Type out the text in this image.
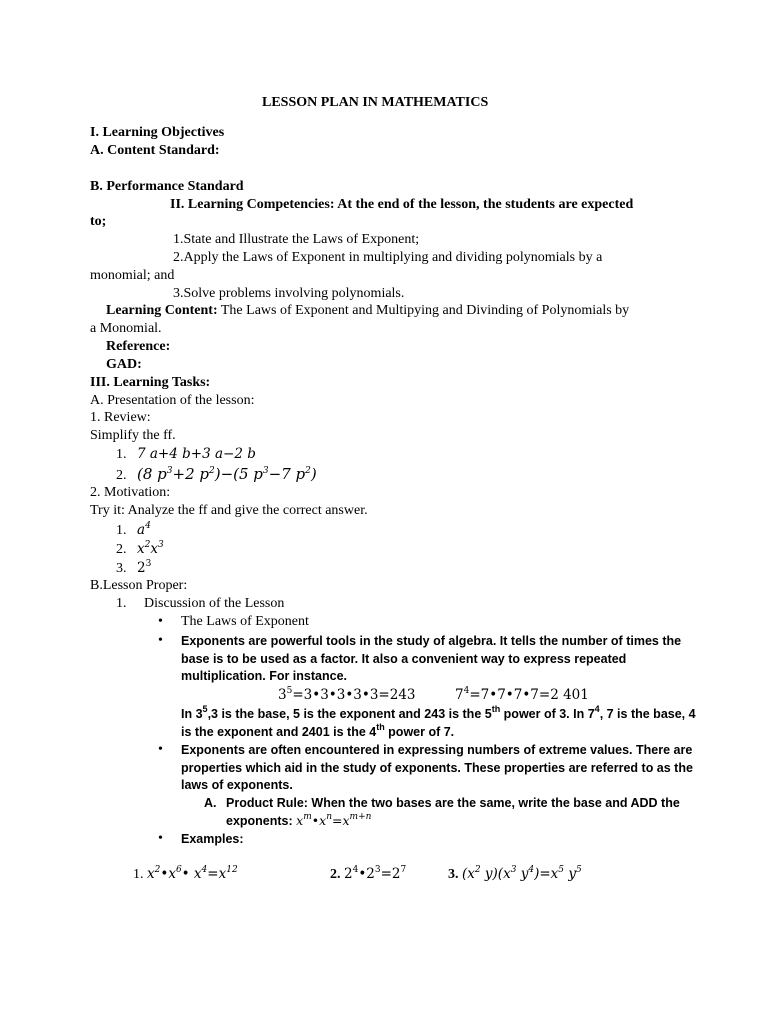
LESSON PLAN IN MATHEMATICS
I. Learning Objectives
A. Content Standard:
B. Performance Standard
II. Learning Competencies: At the end of the lesson, the students are expected
to;
1.State and Illustrate the Laws of Exponent;
2.Apply the Laws of Exponent in multiplying and dividing polynomials by a
monomial; and
3.Solve problems involving polynomials.
Learning Content: The Laws of Exponent and Multipying and Divinding of Polynomials by
a Monomial.
Reference:
GAD:
III. Learning Tasks:
A. Presentation of the lesson:
1. Review:
Simplify the ff.
1.   7 a+4 b+3 a−2 b
2.   (8 $p^3+2$ $p^2)-(5$ $p^3-7$ $p^2$)
2. Motivation:
Try it: Analyze the ff and give the correct answer.
1.   $a^4$
2.   $x^2x^3$
3.   $2^3$
B.Lesson Proper:
1.     Discussion of the Lesson
• The Laws of Exponent
• Exponents are powerful tools in the study of algebra. It tells the number of times the
base is to be used as a factor. It also a convenient way to express repeated
multiplication. For instance.
$3^5=3•3•3•3•3=243$	$7^4=7•7•7•7=2$ 401
In $3^5,3$ is the base, 5 is the exponent and 243 is the 5th power of 3. In $7^4$, 7 is the base, 4
is the exponent and 2401 is the 4th power of 7.
• Exponents are often encountered in expressing numbers of extreme values. There are
properties which aid in the study of exponents. These properties are referred to as the
laws of exponents.
A. Product Rule: When the two bases are the same, write the base and ADD the
exponents: $x^m•x^n=x^{m+n}$
• Examples:
1. $x^2•x^6•$ $x^4=x^{12}$	2. $2^4•2^3=2^7$	3. ($x^2$ $y)(x^3$ $y^4)=x^5$ $y^5$
